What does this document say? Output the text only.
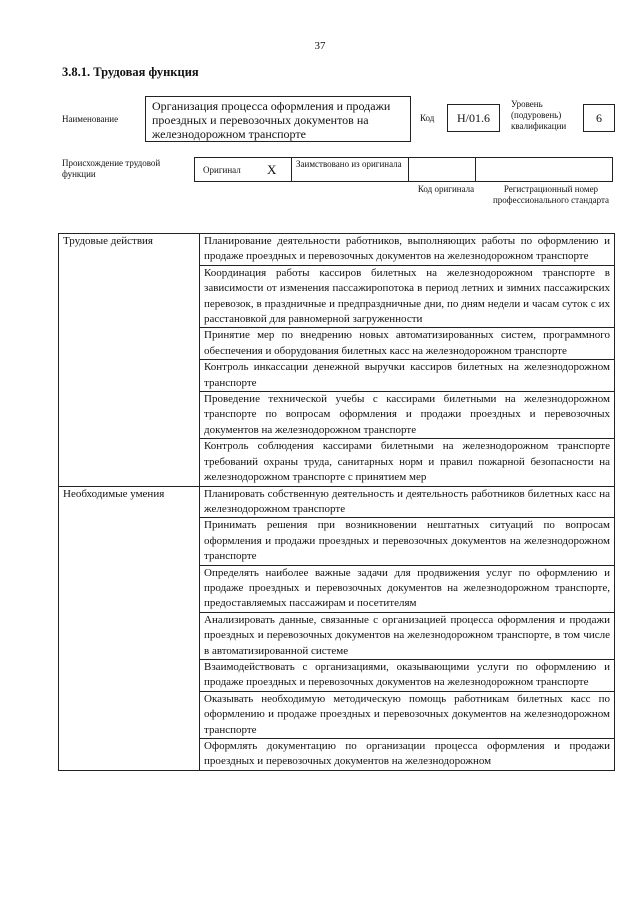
37
3.8.1. Трудовая функция
Наименование
Организация процесса оформления и продажи проездных и перевозочных документов на железнодорожном транспорте
Код	Н/01.6
Уровень (подуровень) квалификации
6
Происхождение трудовой функции	Оригинал X	Заимствовано из оригинала
Код оригинала	Регистрационный номер профессионального стандарта
Трудовые действия	Планирование деятельности работников, выполняющих работы по оформлению и продаже проездных и перевозочных документов на железнодорожном транспорте
	Координация работы кассиров билетных на железнодорожном транспорте в зависимости от изменения пассажиропотока в период летних и зимних пассажирских перевозок, в праздничные и предпраздничные дни, по дням недели и часам суток с их расстановкой для равномерной загруженности
	Принятие мер по внедрению новых автоматизированных систем, программного обеспечения и оборудования билетных касс на железнодорожном транспорте
	Контроль инкассации денежной выручки кассиров билетных на железнодорожном транспорте
	Проведение технической учебы с кассирами билетными на железнодорожном транспорте по вопросам оформления и продажи проездных и перевозочных документов на железнодорожном транспорте
	Контроль соблюдения кассирами билетными на железнодорожном транспорте требований охраны труда, санитарных норм и правил пожарной безопасности на железнодорожном транспорте с принятием мер
Необходимые умения	Планировать собственную деятельность и деятельность работников билетных касс на железнодорожном транспорте
	Принимать решения при возникновении нештатных ситуаций по вопросам оформления и продажи проездных и перевозочных документов на железнодорожном транспорте
	Определять наиболее важные задачи для продвижения услуг по оформлению и продаже проездных и перевозочных документов на железнодорожном транспорте, предоставляемых пассажирам и посетителям
	Анализировать данные, связанные с организацией процесса оформления и продажи проездных и перевозочных документов на железнодорожном транспорте, в том числе в автоматизированной системе
	Взаимодействовать с организациями, оказывающими услуги по оформлению и продаже проездных и перевозочных документов на железнодорожном транспорте
	Оказывать необходимую методическую помощь работникам билетных касс по оформлению и продаже проездных и перевозочных документов на железнодорожном транспорте
	Оформлять документацию по организации процесса оформления и продажи проездных и перевозочных документов на железнодорожном
